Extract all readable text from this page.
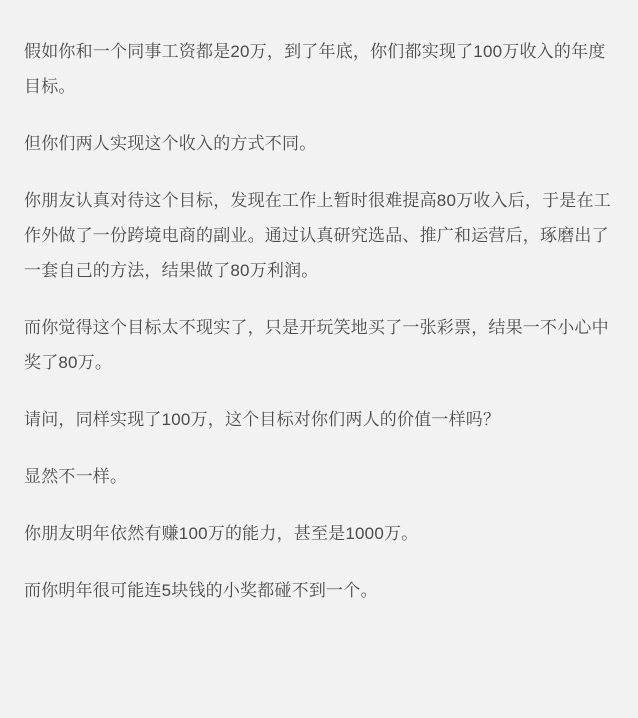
假如你和一个同事工资都是20万，到了年底，你们都实现了100万收入的年度目标。

但你们两人实现这个收入的方式不同。

你朋友认真对待这个目标，发现在工作上暂时很难提高80万收入后，于是在工作外做了一份跨境电商的副业。通过认真研究选品、推广和运营后，琢磨出了一套自己的方法，结果做了80万利润。

而你觉得这个目标太不现实了，只是开玩笑地买了一张彩票，结果一不小心中奖了80万。

请问，同样实现了100万，这个目标对你们两人的价值一样吗？

显然不一样。

你朋友明年依然有赚100万的能力，甚至是1000万。

而你明年很可能连5块钱的小奖都碰不到一个。
